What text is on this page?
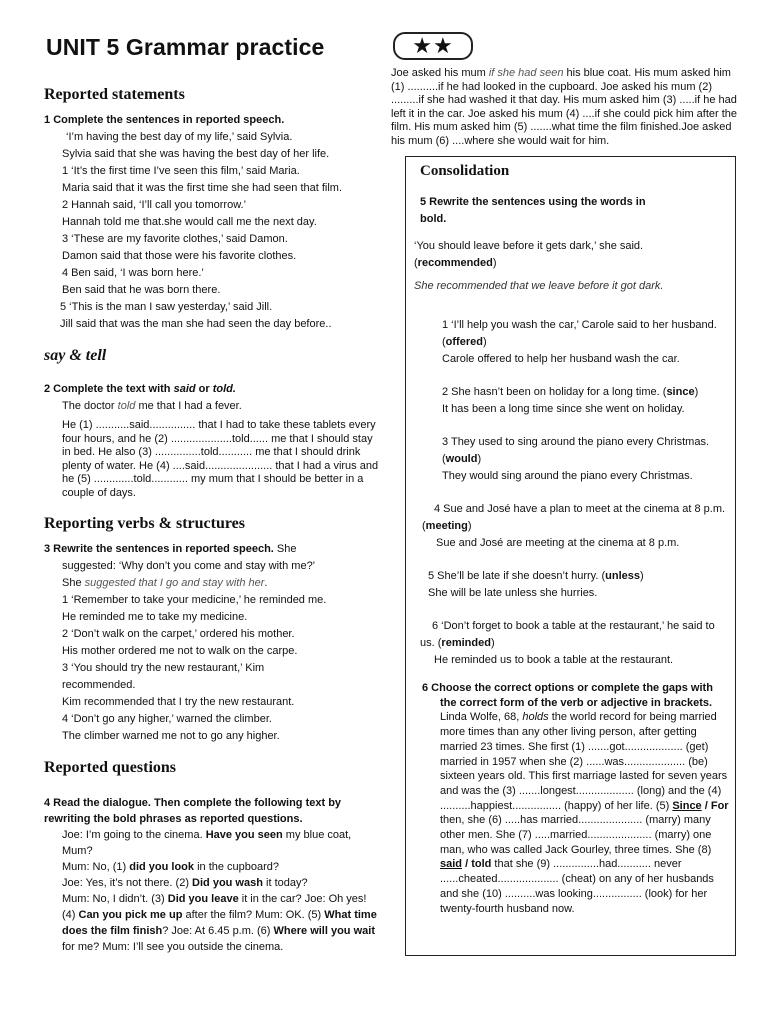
UNIT 5 Grammar practice	★★
Reported statements
1 Complete the sentences in reported speech.
‘I’m having the best day of my life,’ said Sylvia.
Sylvia said that she was having the best day of her life.
1 ‘It’s the first time I’ve seen this film,’ said Maria.
Maria said that it was the first time she had seen that film.
2 Hannah said, ‘I’ll call you tomorrow.’
Hannah told me that.she would call me the next day.
3 ‘These are my favorite clothes,’ said Damon.
Damon said that those were his favorite clothes.
4 Ben said, ‘I was born here.’
Ben said that he was born there.
5 ‘This is the man I saw yesterday,’ said Jill.
Jill said that was the man she had seen the day before..
say & tell
2 Complete the text with said or told.
The doctor told me that I had a fever.
He (1) ...........said............... that I had to take these tablets every four hours, and he (2) ....................told...... me that I should stay in bed. He also (3) ...............told........... me that I should drink plenty of water. He (4) ....said...................... that I had a virus and he (5) .............told............ my mum that I should be better in a couple of days.
Reporting verbs & structures
3 Rewrite the sentences in reported speech. She
suggested: ‘Why don’t you come and stay with me?’
She suggested that I go and stay with her.
1 ‘Remember to take your medicine,’ he reminded me.
He reminded me to take my medicine.
2 ‘Don’t walk on the carpet,’ ordered his mother.
His mother ordered me not to walk on the carpe.
3 ‘You should try the new restaurant,’ Kim
recommended.
Kim recommended that I try the new restaurant.
4 ‘Don’t go any higher,’ warned the climber.
The climber warned me not to go any higher.
Reported questions
4 Read the dialogue. Then complete the following text by rewriting the bold phrases as reported questions.
Joe: I’m going to the cinema. Have you seen my blue coat, Mum?
Mum: No, (1) did you look in the cupboard?
Joe: Yes, it’s not there. (2) Did you wash it today?
Mum: No, I didn’t. (3) Did you leave it in the car? Joe: Oh yes! (4) Can you pick me up after the film? Mum: OK. (5) What time does the film finish? Joe: At 6.45 p.m. (6) Where will you wait for me? Mum: I’ll see you outside the cinema.
Joe asked his mum if she had seen his blue coat. His mum asked him (1) ..........if he had looked in the cupboard. Joe asked his mum (2) .........if she had washed it that day. His mum asked him (3) .....if he had left it in the car. Joe asked his mum (4) ....if she could pick him after the film. His mum asked him (5) .......what time the film finished.Joe asked his mum (6) ....where she would wait for him.
Consolidation
5 Rewrite the sentences using the words in bold.
‘You should leave before it gets dark,’ she said.
(recommended)
She recommended that we leave before it got dark.
1 ‘I’ll help you wash the car,’ Carole said to her husband. (offered)
Carole offered to help her husband wash the car.
2 She hasn’t been on holiday for a long time. (since)
It has been a long time since she went on holiday.
3 They used to sing around the piano every Christmas. (would)
They would sing around the piano every Christmas.
4 Sue and José have a plan to meet at the cinema at 8 p.m. (meeting)
Sue and José are meeting at the cinema at 8 p.m.
5 She’ll be late if she doesn’t hurry. (unless)
She will be late unless she hurries.
6 ‘Don’t forget to book a table at the restaurant,’ he said to us. (reminded)
He reminded us to book a table at the restaurant.
6 Choose the correct options or complete the gaps with the correct form of the verb or adjective in brackets. Linda Wolfe, 68, holds the world record for being married more times than any other living person, after getting married 23 times. She first (1) .......got................... (get) married in 1957 when she (2) ......was.................... (be) sixteen years old. This first marriage lasted for seven years and was the (3) .......longest................... (long) and the (4) ..........happiest................ (happy) of her life. (5) Since / For then, she (6) .....has married..................... (marry) many other men. She (7) .....married..................... (marry) one man, who was called Jack Gourley, three times. She (8) said / told that she (9) ...............had........... never ......cheated.................... (cheat) on any of her husbands and she (10) ..........was looking................ (look) for her twenty-fourth husband now.
